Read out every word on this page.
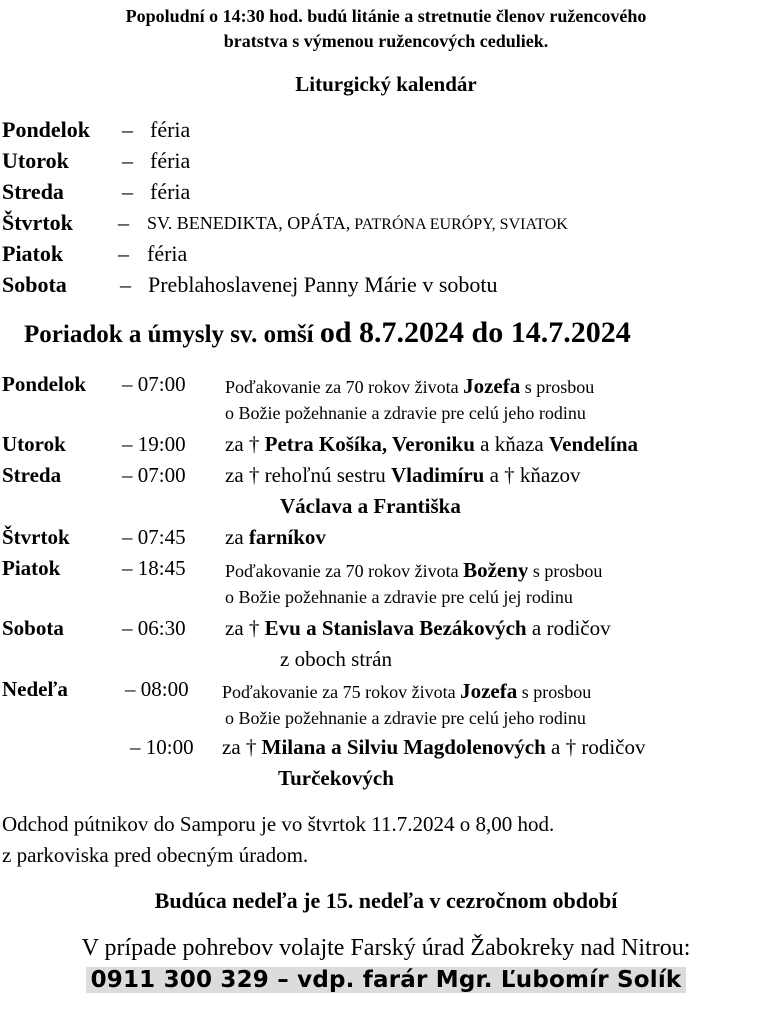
Popoludní o 14:30 hod. budú litánie a stretnutie členov ružencového
bratstva s výmenou ružencových ceduliek.
Liturgický kalendár
Pondelok – féria
Utorok – féria
Streda	– féria
Štvrtok – SV. BENEDIKTA, OPÁTA, PATRÓNA EURÓPY, SVIATOK
Piatok – féria
Sobota – Preblahoslavenej Panny Márie v sobotu
Poriadok a úmysly sv. omší od 8.7.2024 do 14.7.2024
Pondelok – 07:00 Poďakovanie za 70 rokov života Jozefa s prosbou
o Božie požehnanie a zdravie pre celú jeho rodinu
Utorok	– 19:00 za † Petra Košíka, Veroniku a kňaza Vendelína
Streda	– 07:00 za † rehoľnú sestru Vladimíru a † kňazov
Václava a Františka
Štvrtok – 07:45 za farníkov
Piatok	– 18:45 Poďakovanie za 70 rokov života Boženy s prosbou
o Božie požehnanie a zdravie pre celú jej rodinu
Sobota	– 06:30 za † Evu a Stanislava Bezákových a rodičov
z oboch strán
Nedeľa	– 08:00 Poďakovanie za 75 rokov života Jozefa s prosbou
o Božie požehnanie a zdravie pre celú jeho rodinu
– 10:00 za † Milana a Silviu Magdolenových a † rodičov
Turčekových
Odchod pútnikov do Samporu je vo štvrtok 11.7.2024 o 8,00 hod.
z parkoviska pred obecným úradom.
Budúca nedeľa je 15. nedeľa v cezročnom období
V prípade pohrebov volajte Farský úrad Žabokreky nad Nitrou:
0911 300 329 – vdp. farár Mgr. Ľubomír Solík
